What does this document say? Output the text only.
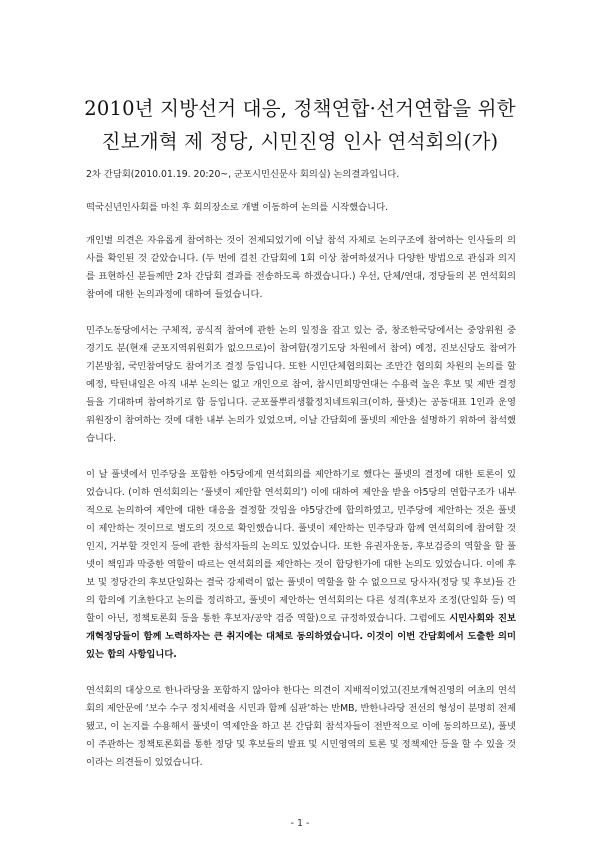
2010년 지방선거 대응, 정책연합·선거연합을 위한
진보개혁 제 정당, 시민진영 인사 연석회의(가)

2차 간담회(2010.01.19. 20:20~, 군포시민신문사 회의실) 논의결과입니다.

떡국신년인사회를 마친 후 회의장소로 개별 이동하여 논의를 시작했습니다.

개인별 의견은 자유롭게 참여하는 것이 전제되었기에 이날 참석 자체로 논의구조에 참여하는 인사들의 의사를 확인된 것 같았습니다. (두 번에 걸친 간담회에 1회 이상 참여하셨거나 다양한 방법으로 관심과 의지를 표현하신 분들께만 2차 간담회 결과를 전송하도록 하겠습니다.) 우선, 단체/연대, 정당들의 본 연석회의 참여에 대한 논의과정에 대하여 들었습니다.

민주노동당에서는 구체적, 공식적 참여에 관한 논의 일정을 잡고 있는 중, 창조한국당에서는 중앙위원 중 경기도 분(현재 군포지역위원회가 없으므로)이 참여함(경기도당 차원에서 참여) 예정, 진보신당도 참여가 기본방침, 국민참여당도 참여기조 결정 등입니다. 또한 시민단체협의회는 조만간 협의회 차원의 논의를 할 예정, 탁틴내일은 아직 내부 논의는 없고 개인으로 참여, 참시민희망연대는 수용력 높은 후보 및 제반 결정들을 기대하며 참여하기로 함 등입니다. 군포풀뿌리생활정치네트워크(이하, 풀넷)는 공동대표 1인과 운영위원장이 참여하는 것에 대한 내부 논의가 있었으며, 이날 간담회에 풀넷의 제안을 설명하기 위하여 참석했습니다.

이 날 풀넷에서 민주당을 포함한 야5당에게 연석회의를 제안하기로 했다는 풀넷의 결정에 대한 토론이 있었습니다. (이하 연석회의는 ‘풀넷이 제안할 연석회의’) 이에 대하여 제안을 받을 야5당의 연합구조가 내부적으로 논의하여 제안에 대한 대응을 결정할 것임을 야5당간에 합의하였고, 민주당에 제안하는 것은 풀넷이 제안하는 것이므로 별도의 것으로 확인했습니다. 풀넷이 제안하는 민주당과 함께 연석회의에 참여할 것인지, 거부할 것인지 등에 관한 참석자들의 논의도 있었습니다. 또한 유권자운동, 후보검증의 역할을 할 풀넷이 책임과 막중한 역할이 따르는 연석회의를 제안하는 것이 합당한가에 대한 논의도 있었습니다. 이에 후보 및 정당간의 후보단일화는 결국 강제력이 없는 풀넷이 역할을 할 수 없으므로 당사자(정당 및 후보)들 간의 합의에 기초한다고 논의를 정리하고, 풀넷이 제안하는 연석회의는 다른 성격(후보자 조정(단일화 등) 역할이 아닌, 정책토론회 등을 통한 후보자/공약 검증 역할)으로 규정하였습니다. 그럼에도 시민사회와 진보개혁정당들이 함께 노력하자는 큰 취지에는 대체로 동의하였습니다. 이것이 이번 간담회에서 도출한 의미 있는 합의 사항입니다.

연석회의 대상으로 한나라당을 포함하지 않아야 한다는 의견이 지배적이었고(진보개혁진영의 여초의 연석회의 제안문에 ‘보수 수구 정치세력을 시민과 함께 심판’하는 반MB, 반한나라당 전선의 형성이 분명히 전제됐고, 이 논지를 수용해서 풀넷이 역제안을 하고 본 간담회 참석자들이 전반적으로 이에 동의하므로), 풀넷이 주관하는 정책토론회를 통한 정당 및 후보들의 발표 및 시민영역의 토론 및 정책제안 등을 할 수 있을 것이라는 의견들이 있었습니다.

- 1 -
